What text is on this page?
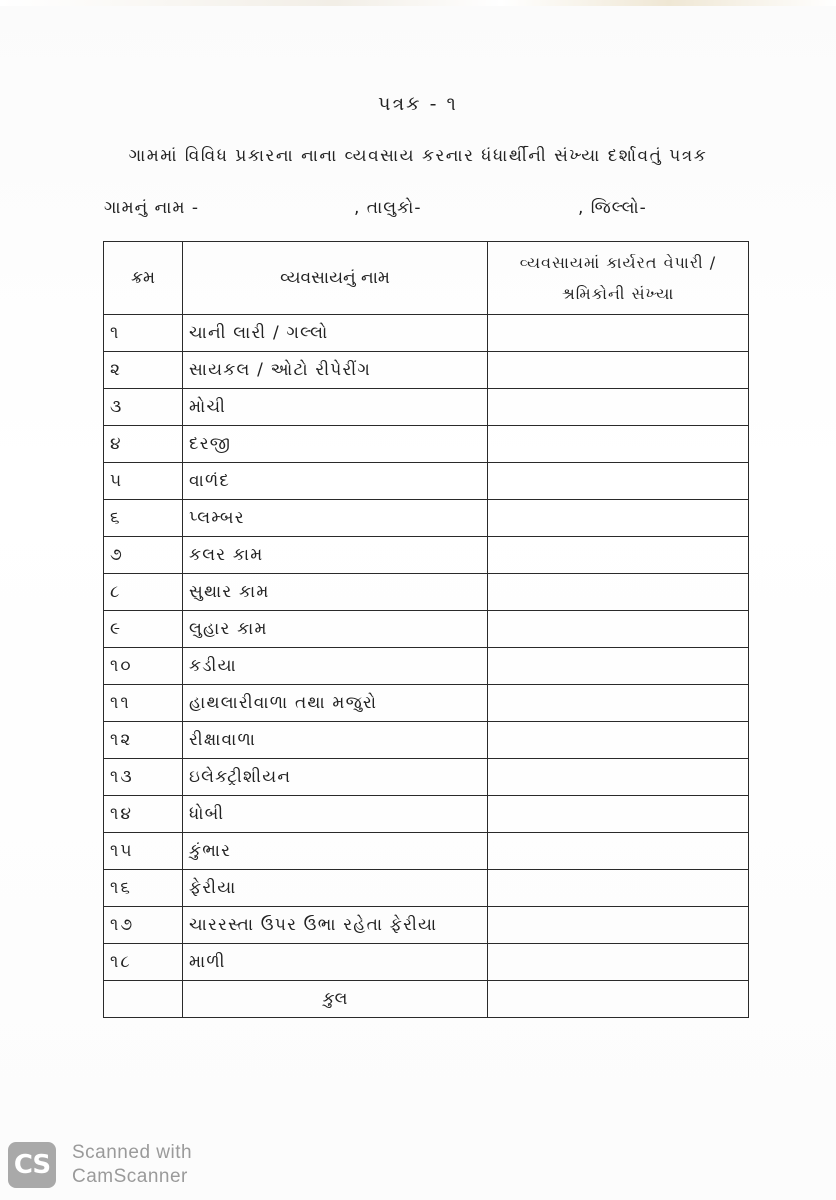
પત્રક - ૧
ગામમાં વિવિધ પ્રકારના નાના વ્યવસાય કરનાર ધંધાર્થીની સંખ્યા દર્શાવતું પત્રક
ગામનું નામ -	, તાલુકો-	, જિલ્લો-
ક્રમ	વ્યવસાયનું નામ	વ્યવસાયમાં કાર્યરત વેપારી /
શ્રમિકોની સંખ્યા

૧	ચાની લારી / ગલ્લો	
૨	સાયકલ / ઓટો રીપેરીંગ	
૩	મોચી	
૪	દરજી	
૫	વાળંદ	
૬	પ્લમ્બર	
૭	કલર કામ	
૮	સુથાર કામ	
૯	લુહાર કામ	
૧૦	કડીયા	
૧૧	હાથલારીવાળા તથા મજુરો	
૧૨	રીક્ષાવાળા	
૧૩	ઇલેક્ટ્રીશીયન	
૧૪	ધોબી	
૧૫	કુંભાર	
૧૬	ફેરીયા	
૧૭	ચારરસ્તા ઉપર ઉભા રહેતા ફેરીયા	
૧૮	માળી	
	કુલ	
CS	Scanned with
CamScanner
